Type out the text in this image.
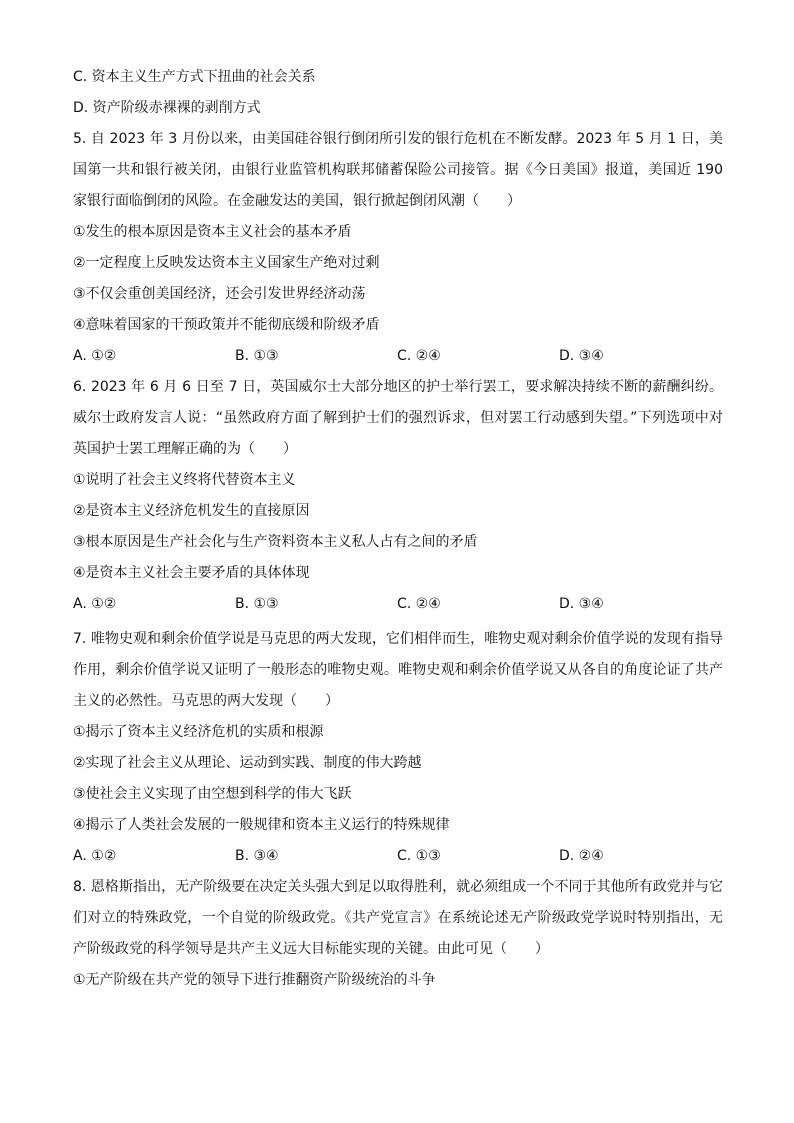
C. 资本主义生产方式下扭曲的社会关系
D. 资产阶级赤裸裸的剥削方式
5. 自 2023 年 3 月份以来，由美国硅谷银行倒闭所引发的银行危机在不断发酵。2023 年 5 月 1 日，美国第一共和银行被关闭，由银行业监管机构联邦储蓄保险公司接管。据《今日美国》报道，美国近 190 家银行面临倒闭的风险。在金融发达的美国，银行掀起倒闭风潮（　　）
①发生的根本原因是资本主义社会的基本矛盾
②一定程度上反映发达资本主义国家生产绝对过剩
③不仅会重创美国经济，还会引发世界经济动荡
④意味着国家的干预政策并不能彻底缓和阶级矛盾
A. ①②	B. ①③	C. ②④	D. ③④
6. 2023 年 6 月 6 日至 7 日，英国威尔士大部分地区的护士举行罢工，要求解决持续不断的薪酬纠纷。威尔士政府发言人说：“虽然政府方面了解到护士们的强烈诉求，但对罢工行动感到失望。”下列选项中对英国护士罢工理解正确的为（　　）
①说明了社会主义终将代替资本主义
②是资本主义经济危机发生的直接原因
③根本原因是生产社会化与生产资料资本主义私人占有之间的矛盾
④是资本主义社会主要矛盾的具体体现
A. ①②	B. ①③	C. ②④	D. ③④
7. 唯物史观和剩余价值学说是马克思的两大发现，它们相伴而生，唯物史观对剩余价值学说的发现有指导作用，剩余价值学说又证明了一般形态的唯物史观。唯物史观和剩余价值学说又从各自的角度论证了共产主义的必然性。马克思的两大发现（　　）
①揭示了资本主义经济危机的实质和根源
②实现了社会主义从理论、运动到实践、制度的伟大跨越
③使社会主义实现了由空想到科学的伟大飞跃
④揭示了人类社会发展的一般规律和资本主义运行的特殊规律
A. ①②	B. ③④	C. ①③	D. ②④
8. 恩格斯指出，无产阶级要在决定关头强大到足以取得胜利，就必须组成一个不同于其他所有政党并与它们对立的特殊政党，一个自觉的阶级政党。《共产党宣言》在系统论述无产阶级政党学说时特别指出，无产阶级政党的科学领导是共产主义远大目标能实现的关键。由此可见（　　）
①无产阶级在共产党的领导下进行推翻资产阶级统治的斗争
